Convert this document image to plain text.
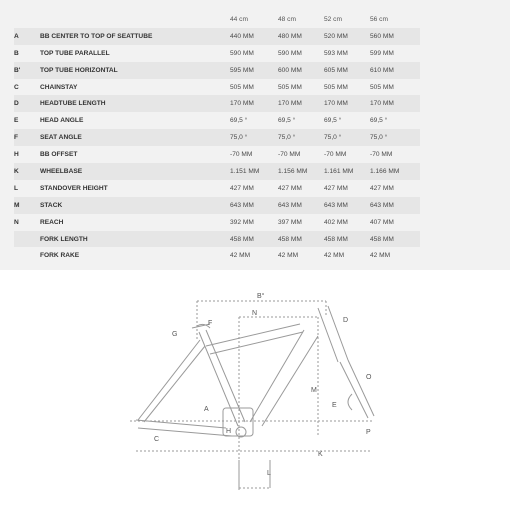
		44 cm	48 cm	52 cm	56 cm
A	BB CENTER TO TOP OF SEATTUBE	440 MM	480 MM	520 MM	560 MM
B	TOP TUBE PARALLEL	590 MM	590 MM	593 MM	599 MM
B'	TOP TUBE HORIZONTAL	595 MM	600 MM	605 MM	610 MM
C	CHAINSTAY	505 MM	505 MM	505 MM	505 MM
D	HEADTUBE LENGTH	170 MM	170 MM	170 MM	170 MM
E	HEAD ANGLE	69,5 °	69,5 °	69,5 °	69,5 °
F	SEAT ANGLE	75,0 °	75,0 °	75,0 °	75,0 °
H	BB OFFSET	-70 MM	-70 MM	-70 MM	-70 MM
K	WHEELBASE	1.151 MM	1.156 MM	1.161 MM	1.166 MM
L	STANDOVER HEIGHT	427 MM	427 MM	427 MM	427 MM
M	STACK	643 MM	643 MM	643 MM	643 MM
N	REACH	392 MM	397 MM	402 MM	407 MM
	FORK LENGTH	458 MM	458 MM	458 MM	458 MM
	FORK RAKE	42 MM	42 MM	42 MM	42 MM
B°
N
G
F	D
O
M
A
E
H
C
P
K
L
